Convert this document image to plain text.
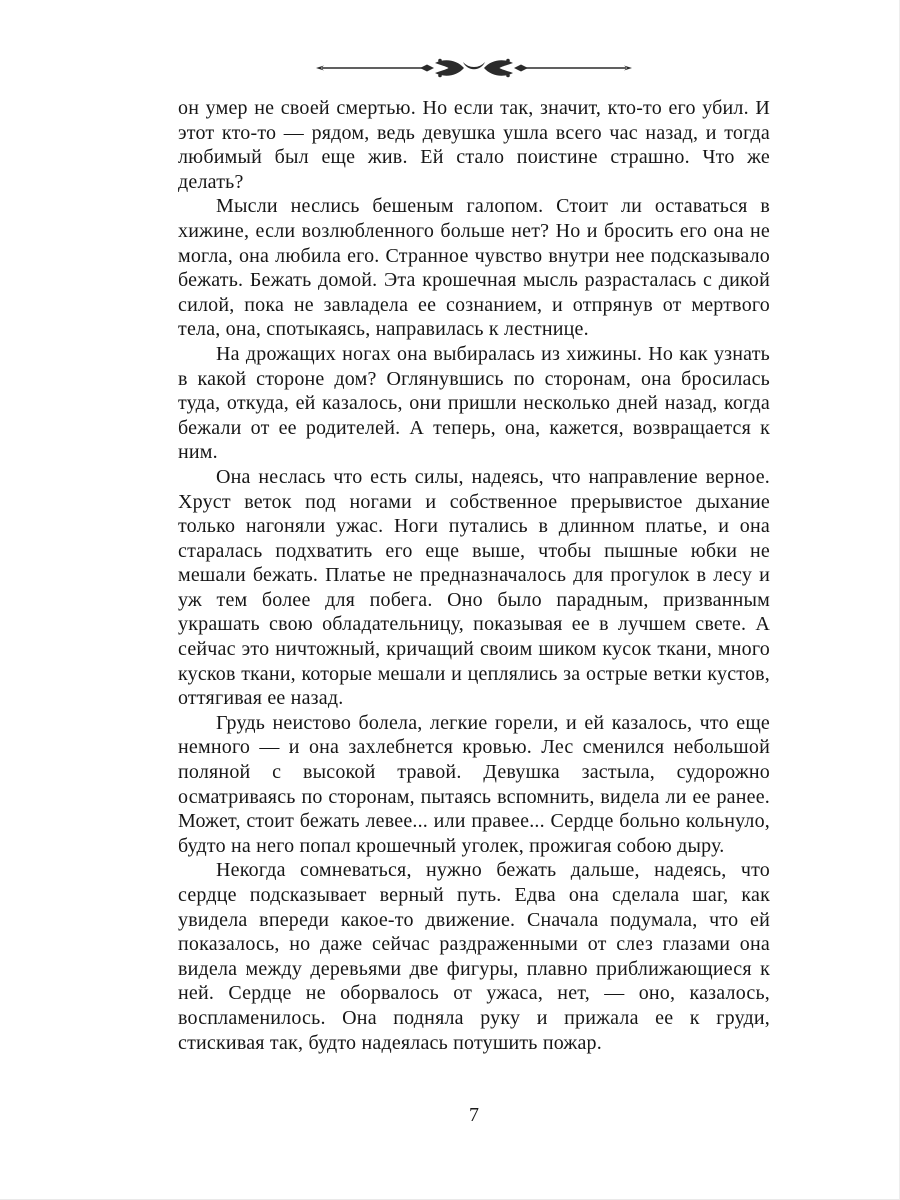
он умер не своей смертью. Но если так, значит, кто-то его убил. И этот кто-то — рядом, ведь девушка ушла всего час назад, и тогда любимый был еще жив. Ей стало поистине страшно. Что же делать?

Мысли неслись бешеным галопом. Стоит ли оставаться в хижине, если возлюбленного больше нет? Но и бросить его она не могла, она любила его. Странное чувство внутри нее подсказывало бежать. Бежать домой. Эта крошечная мысль разрасталась с дикой силой, пока не завладела ее сознанием, и отпрянув от мертвого тела, она, спотыкаясь, направилась к лестнице.

На дрожащих ногах она выбиралась из хижины. Но как узнать в какой стороне дом? Оглянувшись по сторонам, она бросилась туда, откуда, ей казалось, они пришли несколько дней назад, когда бежали от ее родителей. А теперь, она, кажется, возвращается к ним.

Она неслась что есть силы, надеясь, что направление верное. Хруст веток под ногами и собственное прерывистое дыхание только нагоняли ужас. Ноги путались в длинном платье, и она старалась подхватить его еще выше, чтобы пышные юбки не мешали бежать. Платье не предназначалось для прогулок в лесу и уж тем более для побега. Оно было парадным, призванным украшать свою обладательницу, показывая ее в лучшем свете. А сейчас это ничтожный, кричащий своим шиком кусок ткани, много кусков ткани, которые мешали и цеплялись за острые ветки кустов, оттягивая ее назад.

Грудь неистово болела, легкие горели, и ей казалось, что еще немного — и она захлебнется кровью. Лес сменился небольшой поляной с высокой травой. Девушка застыла, судорожно осматриваясь по сторонам, пытаясь вспомнить, видела ли ее ранее. Может, стоит бежать левее... или правее... Сердце больно кольнуло, будто на него попал крошечный уголек, прожигая собою дыру.

Некогда сомневаться, нужно бежать дальше, надеясь, что сердце подсказывает верный путь. Едва она сделала шаг, как увидела впереди какое-то движение. Сначала подумала, что ей показалось, но даже сейчас раздраженными от слез глазами она видела между деревьями две фигуры, плавно приближающиеся к ней. Сердце не оборвалось от ужаса, нет, — оно, казалось, воспламенилось. Она подняла руку и прижала ее к груди, стискивая так, будто надеялась потушить пожар.

7
